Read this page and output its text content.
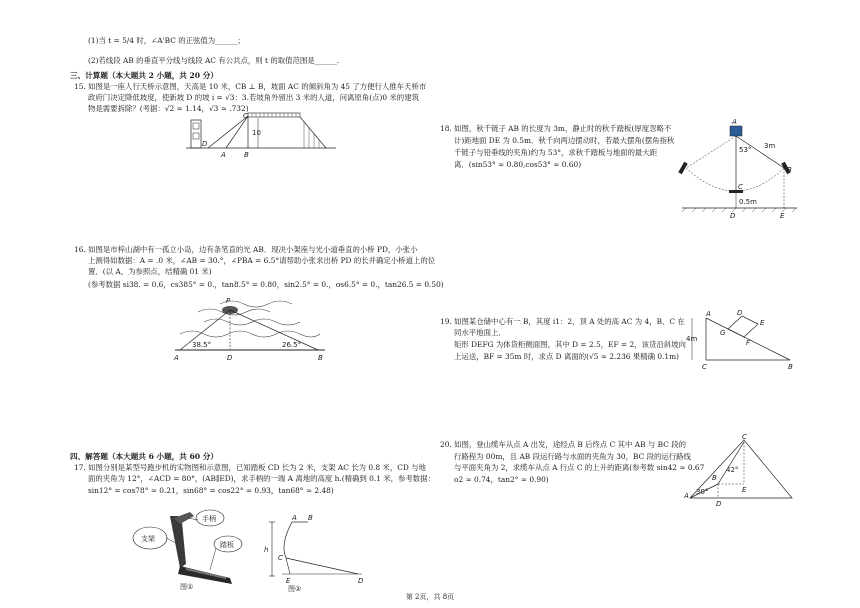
(1)当 t = 5/4 时，∠A'BC 的正弦值为______；
(2)若线段 AB 的垂直平分线与线段 AC 有公共点，则 t 的取值范围是______.
三、计算题（本大题共 2 小题，共 20 分）
15. 如图是一座人行天桥示意图，天高是 10 米，CB ⊥ B，坡面 AC 的倾斜角为 45 了方便行人推车天桥市
政府门决定降低坡度，使新坡 D 的坡 i = √3：3.若坡角外留出 3 米的人道，问离原角(点)0 米的建筑
物是需要拆除？(考据：√2 ≈ 1.14，√3 ≈ .732)
C
D
A	B
10
16. 如图是市梓山湖中有一孤立小岛，边有条笔直的光 AB．现决小架座与光小道垂直的小桥 PD，小张小
上测得如数据：A = .0 米，∠AB = 30.°，∠PBA = 6.5°请帮助小张求出桥 PD 的长并确定小桥道上的位
置．(以 A，为参照点，结精确 01 米)
(参考数据 si38. = 0.6，cs385° = 0.，tan8.5° = 0.80，sin2.5° = 0.，os6.5° = 0.，tan26.5 = 0.50)
P
A	D	B
38.5°	26.5°
四、解答题（本大题共 6 小题，共 60 分）
17. 如图分别是某型号跑步机的实物图和示意图，已知踏板 CD 长为 2 米，支架 AC 长为 0.8 米，CD 与地
面的夹角为 12°，∠ACD = 80°，(AB∥ED)，求手柄的一端 A 离地的高度 h.(精确到 0.1 米，参考数据：
sin12° = cos78° ≈ 0.21，sin68° = cos22° ≈ 0.93，tan68° ≈ 2.48)
支架
手柄
踏板
图①
A B
h
C
E	D
图②
18. 如图，秋千链子 AB 的长度为 3m，静止时的秋千踏板(厚度忽略不
计)距地面 DE 为 0.5m．秋千向两边摆动时，若最大摆角(摆角指秋
千链子与铅垂线的夹角)约为 53°，求秋千踏板与地面的最大距
离．(sin53° ≈ 0.80,cos53° ≈ 0.60)
A
B
C
D	E
53° 3m
0.5m
19. 如图某仓储中心有一 B，其度 i1：2，顶 A 处的高 AC 为 4，B、C 在
同水平地面上．
矩形 DEFG 为体货柜侧面图，其中 D = 2.5，EF = 2，该货沿斜坡向
上运送，BF = 35m 时，求点 D 离面的(√5 ≈ 2.236 果精确 0.1m)
A	D
E
G
F
C	B
4m
20. 如图，登山缆车从点 A 出发，途经点 B 后终点 C 其中 AB 与 BC 段的
行路程为 00m，且 AB 段运行路与水面的夹角为 30，BC 段的运行路线
与平面夹角为 2，求缆车从点 A 行点 C 的上升的距离(参考数 sin42 ≈ 0.67
o2 ≈ 0.74，tan2° ≈ 0.90)
C
B
A
D
E
42°
30°
第 2页，共 8页
